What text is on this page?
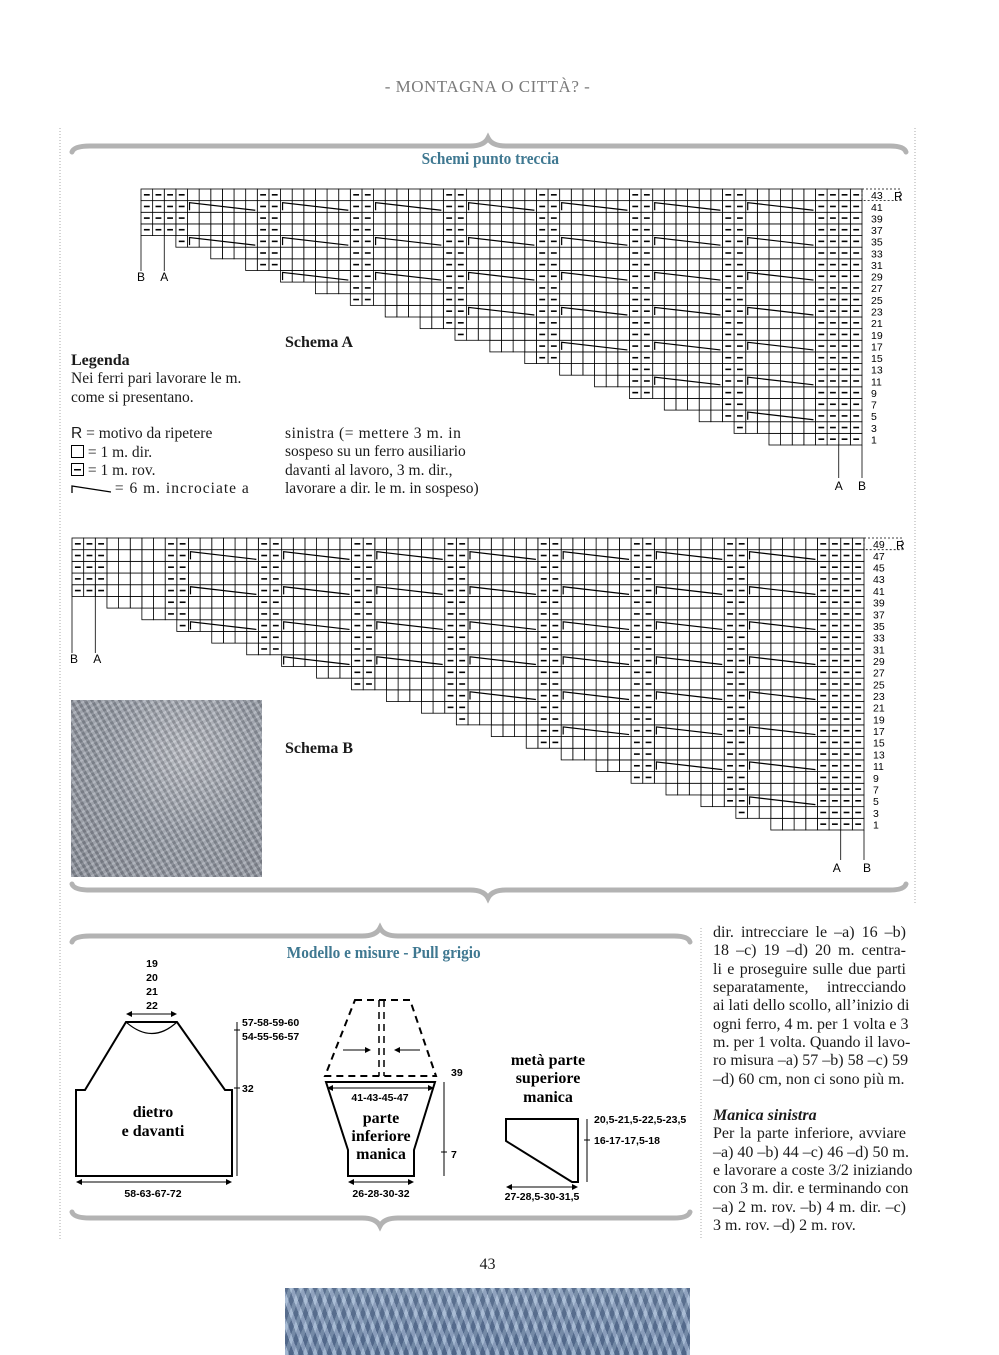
- MONTAGNA O CITTÀ? -
Schemi punto treccia
1
3
5
7
9
11
13
15
17
19
21
23
25
27
29
31
33
35
37
39
41
43 R
B A
A B
1
3
5
7
9
11
13
15
17
19
21
23
25
27
29
31
33
35
37
39
41
43
45
47
49 R
B A
A B
Schema A
Schema B
Legenda
Nei ferri pari lavorare le m.
come si presentano.
R = motivo da ripetere
= 1 m. dir.
= 1 m. rov.
= 6 m. incrociate a
sinistra (= mettere 3 m. in
sospeso su un ferro ausiliario
davanti al lavoro, 3 m. dir.,
lavorare a dir. le m. in sospeso)
Modello e misure - Pull grigio
19
20
21
22
57-58-59-60
54-55-56-57
32
58-63-67-72
dietro
e davanti
41-43-45-47
39
7
26-28-30-32
parte
inferiore
manica
20,5-21,5-22,5-23,5
16-17-17,5-18
27-28,5-30-31,5
metà parte
superiore
manica
dir. intrecciare le –a) 16 –b)
18 –c) 19 –d) 20 m. centra-
li e proseguire sulle due parti
separatamente, intrecciando
ai lati dello scollo, all’inizio di
ogni ferro, 4 m. per 1 volta e 3
m. per 1 volta. Quando il lavo-
ro misura –a) 57 –b) 58 –c) 59
–d) 60 cm, non ci sono più m.
Manica sinistra
Per la parte inferiore, avviare
–a) 40 –b) 44 –c) 46 –d) 50 m.
e lavorare a coste 3/2 iniziando
con 3 m. dir. e terminando con
–a) 2 m. rov. –b) 4 m. dir. –c)
3 m. rov. –d) 2 m. rov.
43
